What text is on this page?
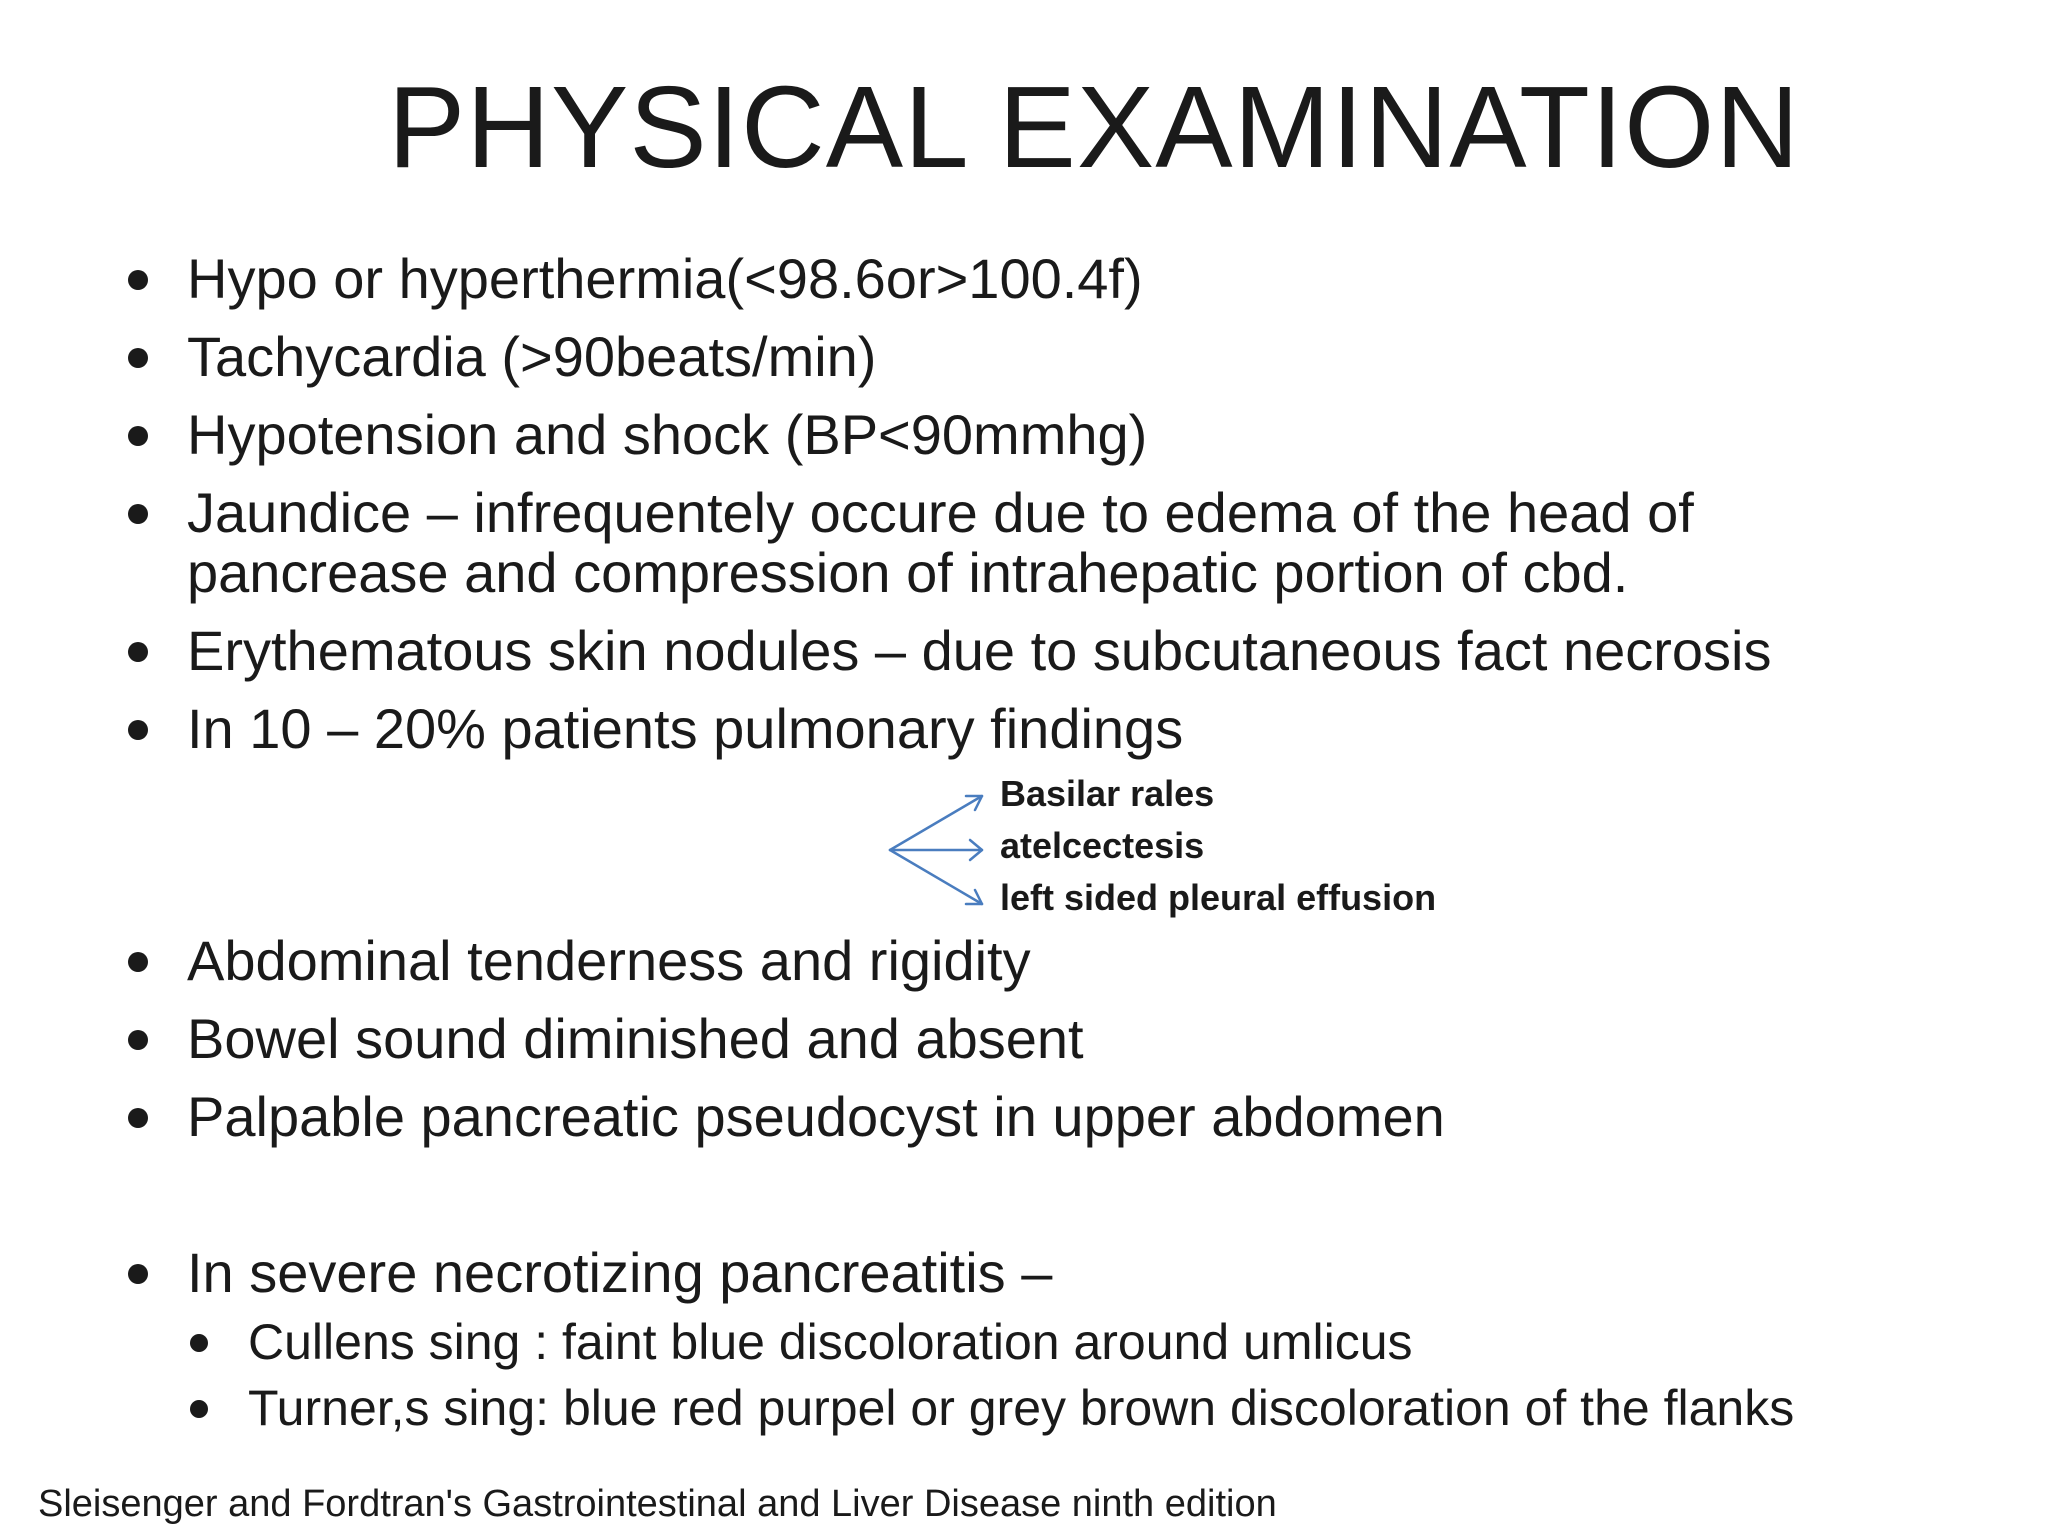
PHYSICAL EXAMINATION
Hypo or hyperthermia(<98.6or>100.4f)
Tachycardia (>90beats/min)
Hypotension and shock (BP<90mmhg)
Jaundice – infrequentely occure due to edema of the head of
pancrease and compression of intrahepatic portion of cbd.
Erythematous skin nodules – due to subcutaneous fact necrosis
In 10 – 20% patients pulmonary findings
Abdominal tenderness and rigidity
Bowel sound diminished and absent
Palpable pancreatic pseudocyst in upper abdomen
In severe necrotizing pancreatitis –
Cullens sing : faint blue discoloration around umlicus
Turner,s sing: blue red purpel or grey brown discoloration of the flanks
Basilar rales
atelcectesis
left sided pleural effusion
Sleisenger and Fordtran's Gastrointestinal and Liver Disease ninth edition
